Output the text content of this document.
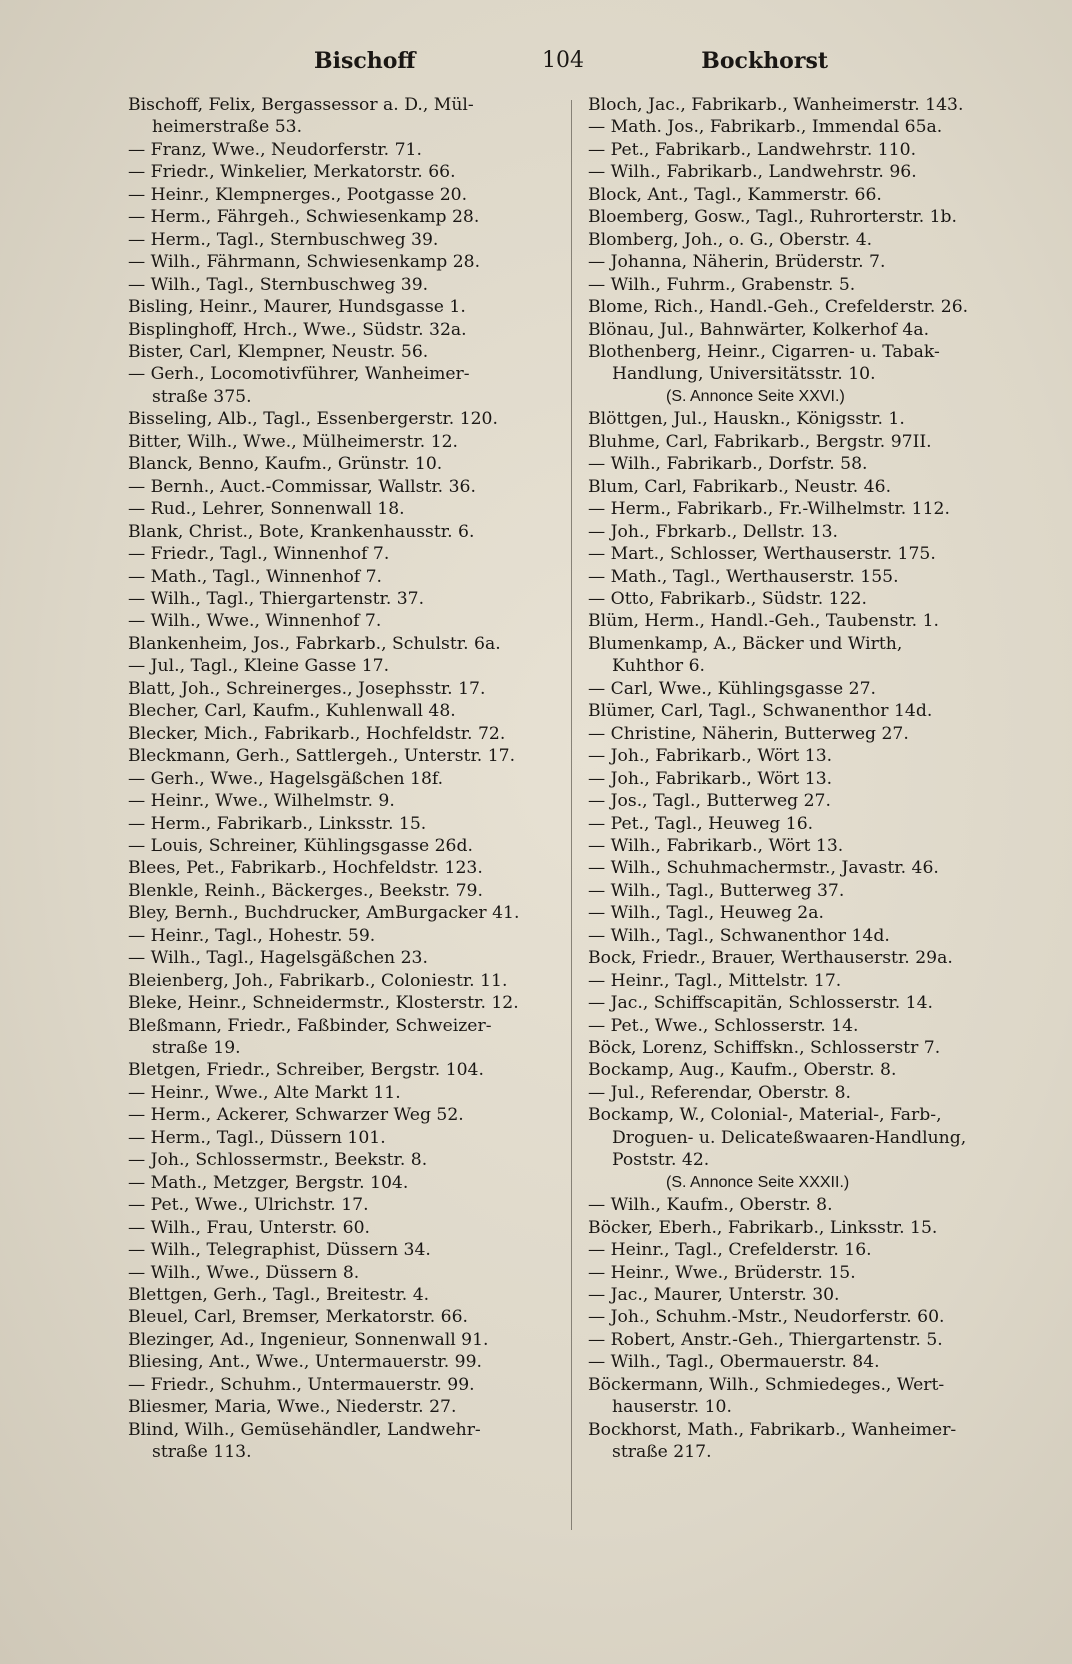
Bischoff	104	Bockhorst
Bischoff, Felix, Bergassessor a. D., Mül-
heimerstraße 53.
— Franz, Wwe., Neudorferstr. 71.
— Friedr., Winkelier, Merkatorstr. 66.
— Heinr., Klempnerges., Pootgasse 20.
— Herm., Fährgeh., Schwiesenkamp 28.
— Herm., Tagl., Sternbuschweg 39.
— Wilh., Fährmann, Schwiesenkamp 28.
— Wilh., Tagl., Sternbuschweg 39.
Bisling, Heinr., Maurer, Hundsgasse 1.
Bisplinghoff, Hrch., Wwe., Südstr. 32a.
Bister, Carl, Klempner, Neustr. 56.
— Gerh., Locomotivführer, Wanheimer-
straße 375.
Bisseling, Alb., Tagl., Essenbergerstr. 120.
Bitter, Wilh., Wwe., Mülheimerstr. 12.
Blanck, Benno, Kaufm., Grünstr. 10.
— Bernh., Auct.-Commissar, Wallstr. 36.
— Rud., Lehrer, Sonnenwall 18.
Blank, Christ., Bote, Krankenhausstr. 6.
— Friedr., Tagl., Winnenhof 7.
— Math., Tagl., Winnenhof 7.
— Wilh., Tagl., Thiergartenstr. 37.
— Wilh., Wwe., Winnenhof 7.
Blankenheim, Jos., Fabrkarb., Schulstr. 6a.
— Jul., Tagl., Kleine Gasse 17.
Blatt, Joh., Schreinerges., Josephsstr. 17.
Blecher, Carl, Kaufm., Kuhlenwall 48.
Blecker, Mich., Fabrikarb., Hochfeldstr. 72.
Bleckmann, Gerh., Sattlergeh., Unterstr. 17.
— Gerh., Wwe., Hagelsgäßchen 18f.
— Heinr., Wwe., Wilhelmstr. 9.
— Herm., Fabrikarb., Linksstr. 15.
— Louis, Schreiner, Kühlingsgasse 26d.
Blees, Pet., Fabrikarb., Hochfeldstr. 123.
Blenkle, Reinh., Bäckerges., Beekstr. 79.
Bley, Bernh., Buchdrucker, AmBurgacker 41.
— Heinr., Tagl., Hohestr. 59.
— Wilh., Tagl., Hagelsgäßchen 23.
Bleienberg, Joh., Fabrikarb., Coloniestr. 11.
Bleke, Heinr., Schneidermstr., Klosterstr. 12.
Bleßmann, Friedr., Faßbinder, Schweizer-
straße 19.
Bletgen, Friedr., Schreiber, Bergstr. 104.
— Heinr., Wwe., Alte Markt 11.
— Herm., Ackerer, Schwarzer Weg 52.
— Herm., Tagl., Düssern 101.
— Joh., Schlossermstr., Beekstr. 8.
— Math., Metzger, Bergstr. 104.
— Pet., Wwe., Ulrichstr. 17.
— Wilh., Frau, Unterstr. 60.
— Wilh., Telegraphist, Düssern 34.
— Wilh., Wwe., Düssern 8.
Blettgen, Gerh., Tagl., Breitestr. 4.
Bleuel, Carl, Bremser, Merkatorstr. 66.
Blezinger, Ad., Ingenieur, Sonnenwall 91.
Bliesing, Ant., Wwe., Untermauerstr. 99.
— Friedr., Schuhm., Untermauerstr. 99.
Bliesmer, Maria, Wwe., Niederstr. 27.
Blind, Wilh., Gemüsehändler, Landwehr-
straße 113.
Bloch, Jac., Fabrikarb., Wanheimerstr. 143.
— Math. Jos., Fabrikarb., Immendal 65a.
— Pet., Fabrikarb., Landwehrstr. 110.
— Wilh., Fabrikarb., Landwehrstr. 96.
Block, Ant., Tagl., Kammerstr. 66.
Bloemberg, Gosw., Tagl., Ruhrorterstr. 1b.
Blomberg, Joh., o. G., Oberstr. 4.
— Johanna, Näherin, Brüderstr. 7.
— Wilh., Fuhrm., Grabenstr. 5.
Blome, Rich., Handl.-Geh., Crefelderstr. 26.
Blönau, Jul., Bahnwärter, Kolkerhof 4a.
Blothenberg, Heinr., Cigarren- u. Tabak-
Handlung, Universitätsstr. 10.
(S. Annonce Seite XXVI.)
Blöttgen, Jul., Hauskn., Königsstr. 1.
Bluhme, Carl, Fabrikarb., Bergstr. 97II.
— Wilh., Fabrikarb., Dorfstr. 58.
Blum, Carl, Fabrikarb., Neustr. 46.
— Herm., Fabrikarb., Fr.-Wilhelmstr. 112.
— Joh., Fbrkarb., Dellstr. 13.
— Mart., Schlosser, Werthauserstr. 175.
— Math., Tagl., Werthauserstr. 155.
— Otto, Fabrikarb., Südstr. 122.
Blüm, Herm., Handl.-Geh., Taubenstr. 1.
Blumenkamp, A., Bäcker und Wirth,
Kuhthor 6.
— Carl, Wwe., Kühlingsgasse 27.
Blümer, Carl, Tagl., Schwanenthor 14d.
— Christine, Näherin, Butterweg 27.
— Joh., Fabrikarb., Wört 13.
— Joh., Fabrikarb., Wört 13.
— Jos., Tagl., Butterweg 27.
— Pet., Tagl., Heuweg 16.
— Wilh., Fabrikarb., Wört 13.
— Wilh., Schuhmachermstr., Javastr. 46.
— Wilh., Tagl., Butterweg 37.
— Wilh., Tagl., Heuweg 2a.
— Wilh., Tagl., Schwanenthor 14d.
Bock, Friedr., Brauer, Werthauserstr. 29a.
— Heinr., Tagl., Mittelstr. 17.
— Jac., Schiffscapitän, Schlosserstr. 14.
— Pet., Wwe., Schlosserstr. 14.
Böck, Lorenz, Schiffskn., Schlosserstr 7.
Bockamp, Aug., Kaufm., Oberstr. 8.
— Jul., Referendar, Oberstr. 8.
Bockamp, W., Colonial-, Material-, Farb-,
Droguen- u. Delicateßwaaren-Handlung,
Poststr. 42.
(S. Annonce Seite XXXII.)
— Wilh., Kaufm., Oberstr. 8.
Böcker, Eberh., Fabrikarb., Linksstr. 15.
— Heinr., Tagl., Crefelderstr. 16.
— Heinr., Wwe., Brüderstr. 15.
— Jac., Maurer, Unterstr. 30.
— Joh., Schuhm.-Mstr., Neudorferstr. 60.
— Robert, Anstr.-Geh., Thiergartenstr. 5.
— Wilh., Tagl., Obermauerstr. 84.
Böckermann, Wilh., Schmiedeges., Wert-
hauserstr. 10.
Bockhorst, Math., Fabrikarb., Wanheimer-
straße 217.
